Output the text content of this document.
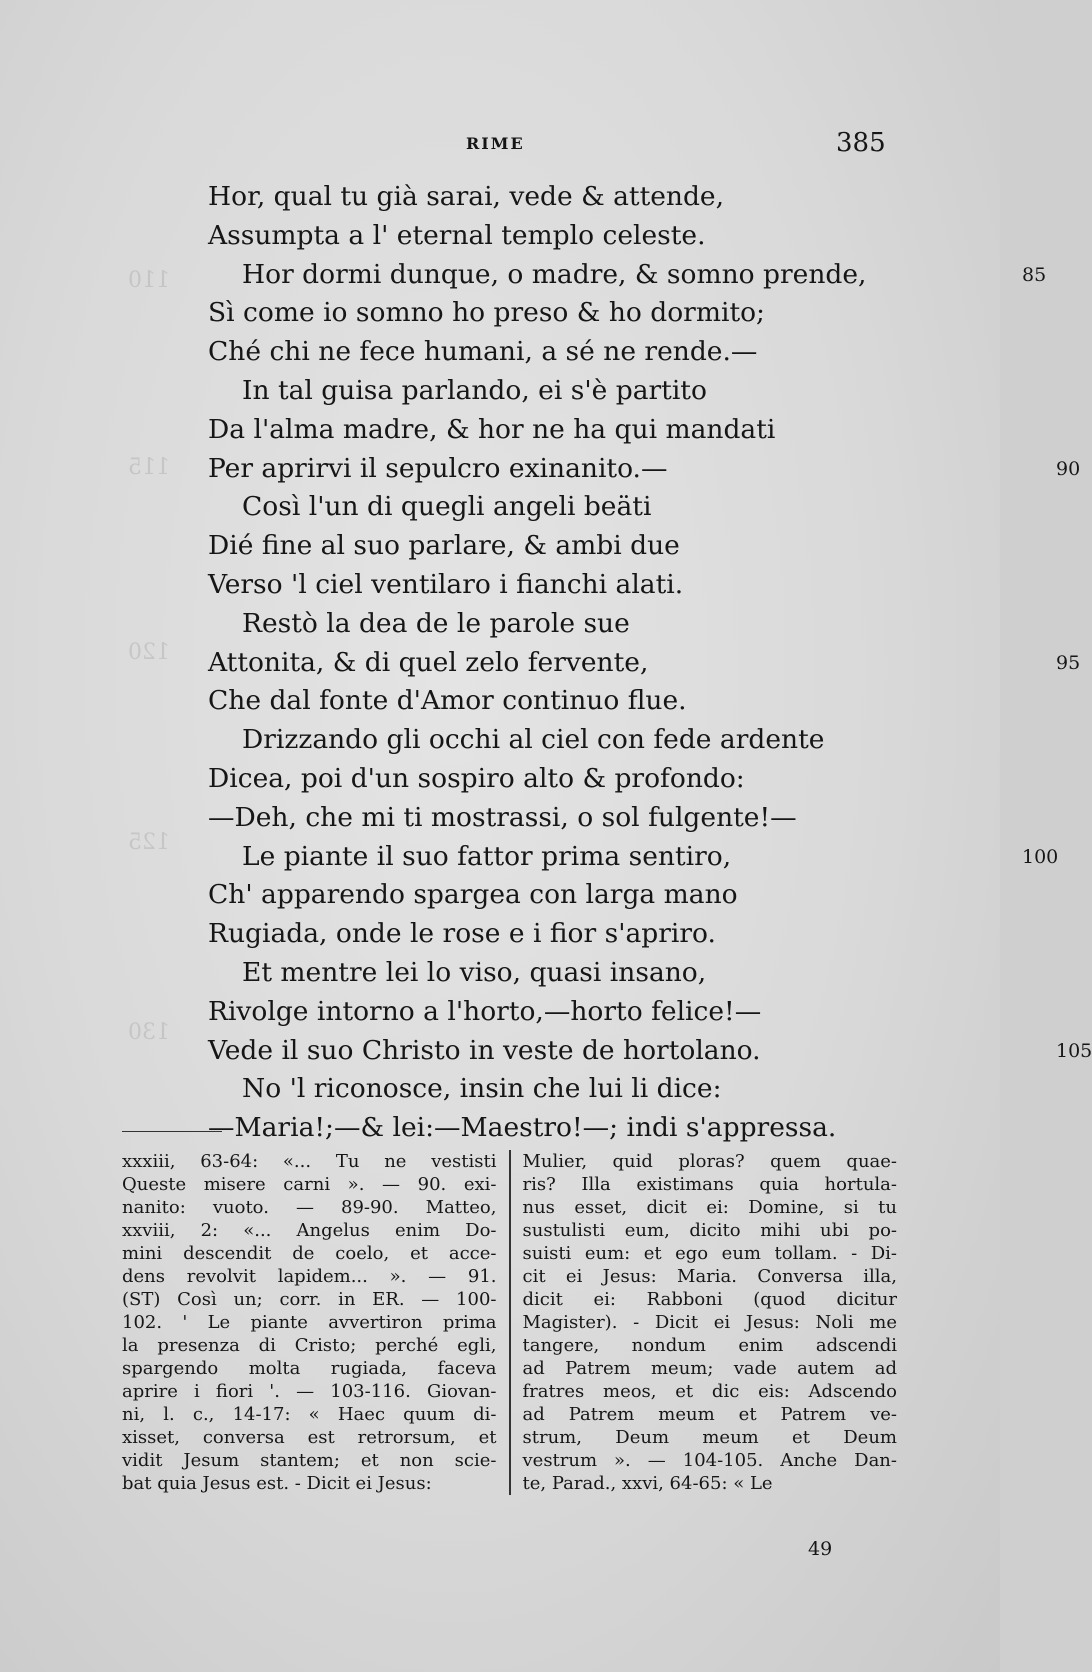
110
115
120
125
130
RIME	385
Hor, qual tu già sarai, vede & attende,
Assumpta a l' eternal templo celeste.
Hor dormi dunque, o madre, & somno prende,	85
Sì come io somno ho preso & ho dormito;
Ché chi ne fece humani, a sé ne rende.—
In tal guisa parlando, ei s'è partito
Da l'alma madre, & hor ne ha qui mandati
Per aprirvi il sepulcro exinanito.—	90
Così l'un di quegli angeli beäti
Dié fine al suo parlare, & ambi due
Verso 'l ciel ventilaro i fianchi alati.
Restò la dea de le parole sue
Attonita, & di quel zelo fervente,	95
Che dal fonte d'Amor continuo flue.
Drizzando gli occhi al ciel con fede ardente
Dicea, poi d'un sospiro alto & profondo:
—Deh, che mi ti mostrassi, o sol fulgente!—
Le piante il suo fattor prima sentiro,	100
Ch' apparendo spargea con larga mano
Rugiada, onde le rose e i fior s'apriro.
Et mentre lei lo viso, quasi insano,
Rivolge intorno a l'horto,—horto felice!—
Vede il suo Christo in veste de hortolano.	105
No 'l riconosce, insin che lui li dice:
—Maria!;—& lei:—Maestro!—; indi s'appressa.
xxxiii, 63-64: «... Tu ne vestisti
Queste misere carni ». — 90. exi-
nanito: vuoto. — 89-90. Matteo,
xxviii, 2: «... Angelus enim Do-
mini descendit de coelo, et acce-
dens revolvit lapidem... ». — 91.
(ST) Così un; corr. in ER. — 100-
102. ' Le piante avvertiron prima
la presenza di Cristo; perché egli,
spargendo molta rugiada, faceva
aprire i fiori '. — 103-116. Giovan-
ni, l. c., 14-17: « Haec quum di-
xisset, conversa est retrorsum, et
vidit Jesum stantem; et non scie-
bat quia Jesus est. - Dicit ei Jesus:
Mulier, quid ploras? quem quae-
ris? Illa existimans quia hortula-
nus esset, dicit ei: Domine, si tu
sustulisti eum, dicito mihi ubi po-
suisti eum: et ego eum tollam. - Di-
cit ei Jesus: Maria. Conversa illa,
dicit ei: Rabboni (quod dicitur
Magister). - Dicit ei Jesus: Noli me
tangere, nondum enim adscendi
ad Patrem meum; vade autem ad
fratres meos, et dic eis: Adscendo
ad Patrem meum et Patrem ve-
strum, Deum meum et Deum
vestrum ». — 104-105. Anche Dan-
te, Parad., xxvi, 64-65: « Le
49
